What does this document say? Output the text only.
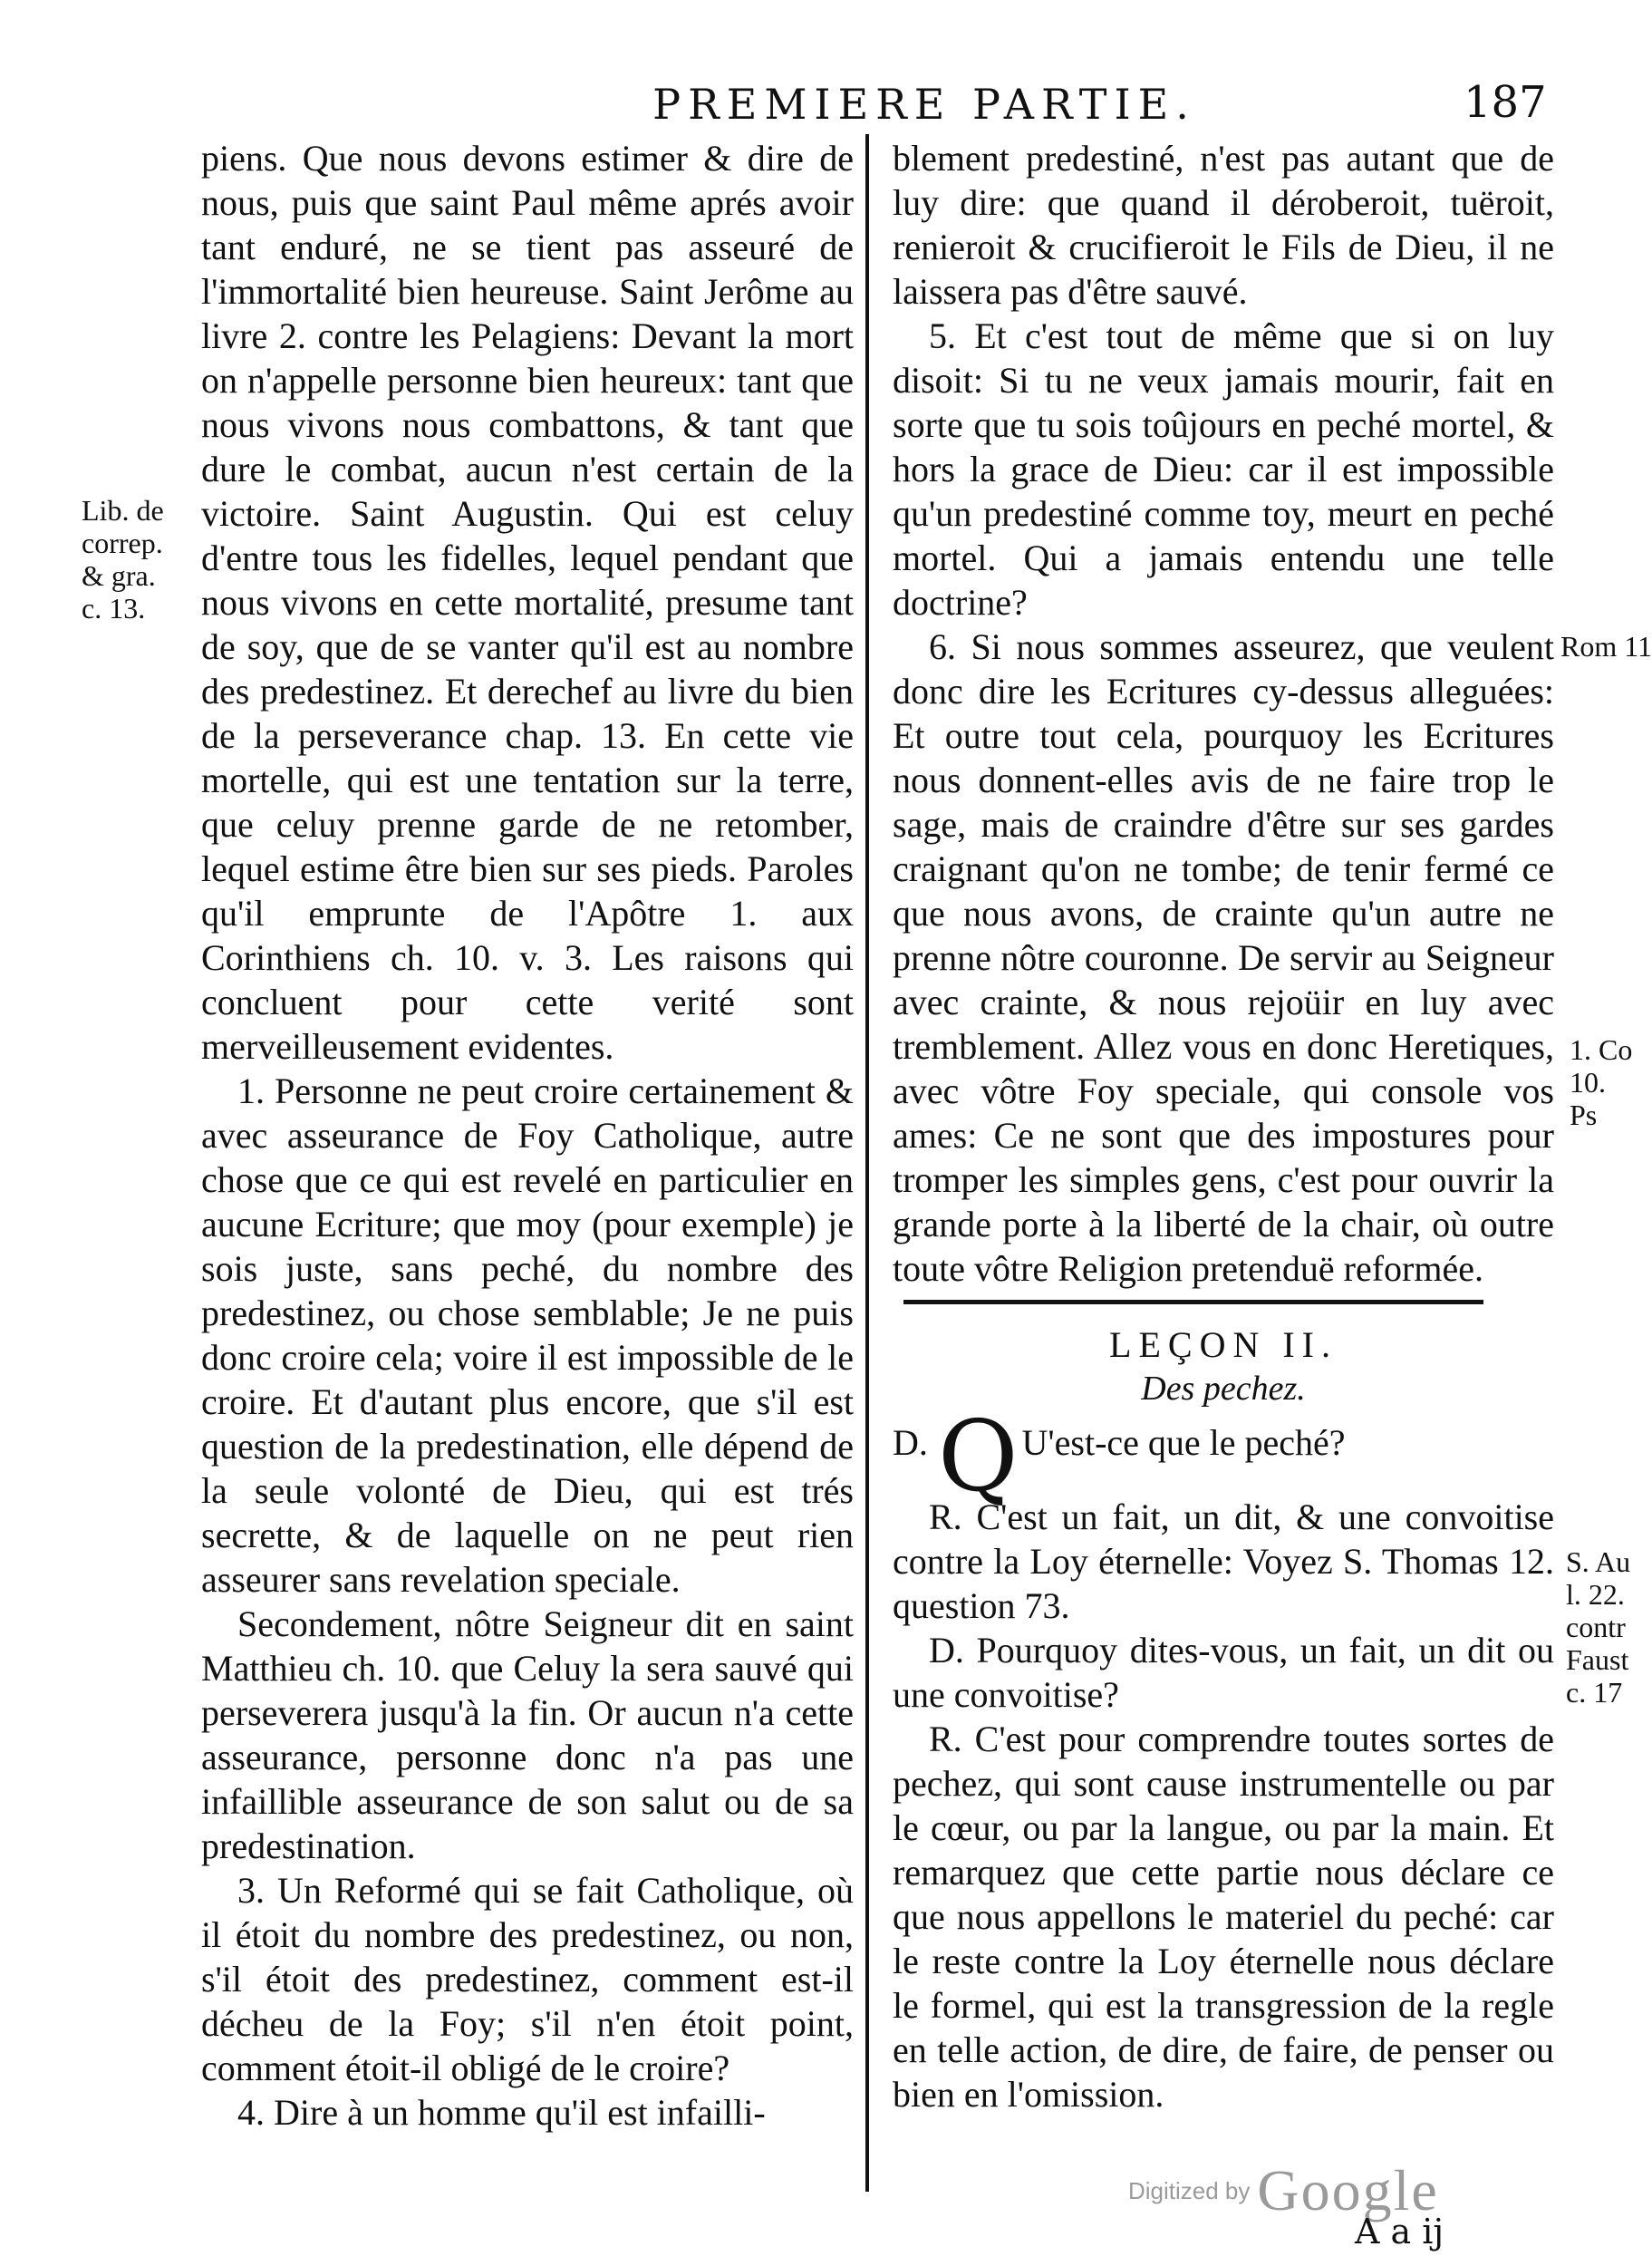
PREMIERE PARTIE.	187

piens. Que nous devons estimer & dire de nous, puis que saint Paul même aprés avoir tant enduré, ne se tient pas asseuré de l'immortalité bien heureuse. Saint Jerôme au livre 2. contre les Pelagiens: Devant la mort on n'appelle personne bien heureux: tant que nous vivons nous combattons, & tant que dure le combat, aucun n'est certain de la victoire. Saint Augustin. Qui est celuy d'entre tous les fidelles, lequel pendant que nous vivons en cette mortalité, presume tant de soy, que de se vanter qu'il est au nombre des predestinez. Et derechef au livre du bien de la perseverance chap. 13. En cette vie mortelle, qui est une tentation sur la terre, que celuy prenne garde de ne retomber, lequel estime être bien sur ses pieds. Paroles qu'il emprunte de l'Apôtre 1. aux Corinthiens ch. 10. v. 3. Les raisons qui concluent pour cette verité sont merveilleusement evidentes.

1. Personne ne peut croire certainement & avec asseurance de Foy Catholique, autre chose que ce qui est revelé en particulier en aucune Ecriture; que moy (pour exemple) je sois juste, sans peché, du nombre des predestinez, ou chose semblable; Je ne puis donc croire cela; voire il est impossible de le croire. Et d'autant plus encore, que s'il est question de la predestination, elle dépend de la seule volonté de Dieu, qui est trés secrette, & de laquelle on ne peut rien asseurer sans revelation speciale.

Secondement, nôtre Seigneur dit en saint Matthieu ch. 10. que Celuy la sera sauvé qui perseverera jusqu'à la fin. Or aucun n'a cette asseurance, personne donc n'a pas une infaillible asseurance de son salut ou de sa predestination.

3. Un Reformé qui se fait Catholique, où il étoit du nombre des predestinez, ou non, s'il étoit des predestinez, comment est-il décheu de la Foy; s'il n'en étoit point, comment étoit-il obligé de le croire?

4. Dire à un homme qu'il est infailli-

blement predestiné, n'est pas autant que de luy dire: que quand il déroberoit, tuëroit, renieroit & crucifieroit le Fils de Dieu, il ne laissera pas d'être sauvé.

5. Et c'est tout de même que si on luy disoit: Si tu ne veux jamais mourir, fait en sorte que tu sois toûjours en peché mortel, & hors la grace de Dieu: car il est impossible qu'un predestiné comme toy, meurt en peché mortel. Qui a jamais entendu une telle doctrine?

6. Si nous sommes asseurez, que veulent donc dire les Ecritures cy-dessus alleguées: Et outre tout cela, pourquoy les Ecritures nous donnent-elles avis de ne faire trop le sage, mais de craindre d'être sur ses gardes craignant qu'on ne tombe; de tenir fermé ce que nous avons, de crainte qu'un autre ne prenne nôtre couronne. De servir au Seigneur avec crainte, & nous rejoüir en luy avec tremblement. Allez vous en donc Heretiques, avec vôtre Foy speciale, qui console vos ames: Ce ne sont que des impostures pour tromper les simples gens, c'est pour ouvrir la grande porte à la liberté de la chair, où outre toute vôtre Religion pretenduë reformée.

LEÇON II.
Des pechez.

D. Q U'est-ce que le peché?

R. C'est un fait, un dit, & une convoitise contre la Loy éternelle: Voyez S. Thomas 12. question 73.

D. Pourquoy dites-vous, un fait, un dit ou une convoitise?

R. C'est pour comprendre toutes sortes de pechez, qui sont cause instrumentelle ou par le cœur, ou par la langue, ou par la main. Et remarquez que cette partie nous déclare ce que nous appellons le materiel du peché: car le reste contre la Loy éternelle nous déclare le formel, qui est la transgression de la regle en telle action, de dire, de faire, de penser ou bien en l'omission.

Lib. de correp. & gra. c. 13.
Rom 11
1. Co 10. Ps
S. Au l. 22. contr Faust c. 17
Digitized by Google
A a ij
